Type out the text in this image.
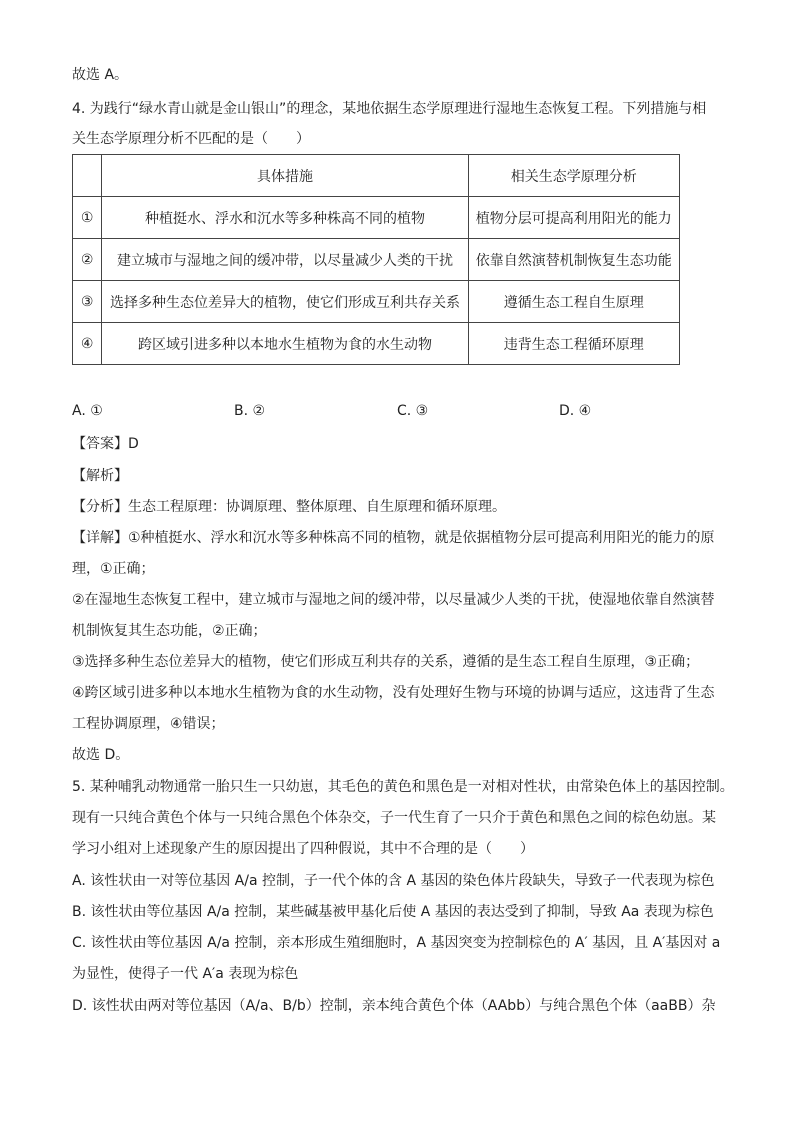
故选 A。
4. 为践行“绿水青山就是金山银山”的理念，某地依据生态学原理进行湿地生态恢复工程。下列措施与相
关生态学原理分析不匹配的是（　　）
	具体措施	相关生态学原理分析
①	种植挺水、浮水和沉水等多种株高不同的植物	植物分层可提高利用阳光的能力
②	建立城市与湿地之间的缓冲带，以尽量减少人类的干扰	依靠自然演替机制恢复生态功能
③	选择多种生态位差异大的植物，使它们形成互利共存关系	遵循生态工程自生原理
④	跨区域引进多种以本地水生植物为食的水生动物	违背生态工程循环原理
A. ①	B. ②	C. ③	D. ④
【答案】D
【解析】
【分析】生态工程原理：协调原理、整体原理、自生原理和循环原理。
【详解】①种植挺水、浮水和沉水等多种株高不同的植物，就是依据植物分层可提高利用阳光的能力的原
理，①正确；
②在湿地生态恢复工程中，建立城市与湿地之间的缓冲带，以尽量减少人类的干扰，使湿地依靠自然演替
机制恢复其生态功能，②正确；
③选择多种生态位差异大的植物，使它们形成互利共存的关系，遵循的是生态工程自生原理，③正确；
④跨区域引进多种以本地水生植物为食的水生动物，没有处理好生物与环境的协调与适应，这违背了生态
工程协调原理，④错误；
故选 D。
5. 某种哺乳动物通常一胎只生一只幼崽，其毛色的黄色和黑色是一对相对性状，由常染色体上的基因控制。
现有一只纯合黄色个体与一只纯合黑色个体杂交，子一代生育了一只介于黄色和黑色之间的棕色幼崽。某
学习小组对上述现象产生的原因提出了四种假说，其中不合理的是（　　）
A. 该性状由一对等位基因 A/a 控制，子一代个体的含 A 基因的染色体片段缺失，导致子一代表现为棕色
B. 该性状由等位基因 A/a 控制，某些碱基被甲基化后使 A 基因的表达受到了抑制，导致 Aa 表现为棕色
C. 该性状由等位基因 A/a 控制，亲本形成生殖细胞时，A 基因突变为控制棕色的 A′ 基因，且 A′基因对 a
为显性，使得子一代 A′a 表现为棕色
D. 该性状由两对等位基因（A/a、B/b）控制，亲本纯合黄色个体（AAbb）与纯合黑色个体（aaBB）杂
